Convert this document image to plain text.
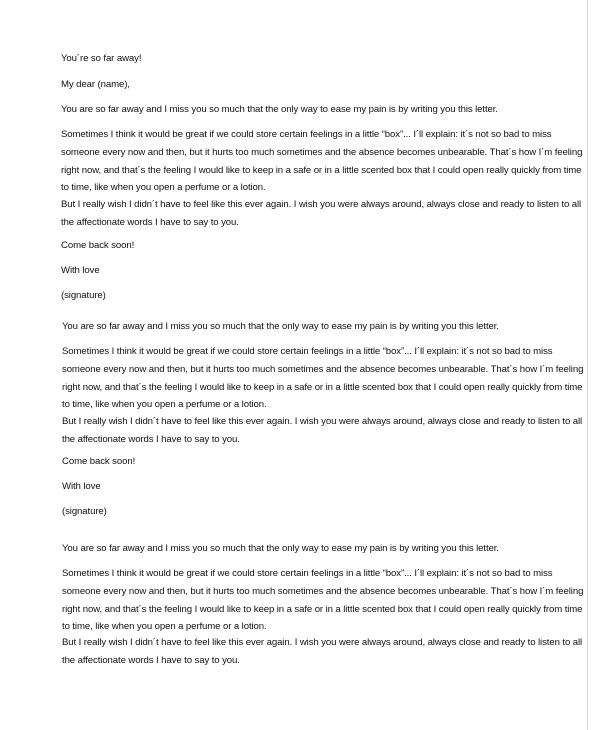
You´re so far away!

My dear (name),

You are so far away and I miss you so much that the only way to ease my pain is by writing you this letter.

Sometimes I think it would be great if we could store certain feelings in a little “box”... I´ll explain: it´s not so bad to miss someone every now and then, but it hurts too much sometimes and the absence becomes unbearable. That´s how I´m feeling right now, and that´s the feeling I would like to keep in a safe or in a little scented box that I could open really quickly from time to time, like when you open a perfume or a lotion.

But I really wish I didn´t have to feel like this ever again. I wish you were always around, always close and ready to listen to all the affectionate words I have to say to you.

Come back soon!

With love

(signature)

You are so far away and I miss you so much that the only way to ease my pain is by writing you this letter.

Sometimes I think it would be great if we could store certain feelings in a little “box”... I´ll explain: it´s not so bad to miss someone every now and then, but it hurts too much sometimes and the absence becomes unbearable. That´s how I´m feeling right now, and that´s the feeling I would like to keep in a safe or in a little scented box that I could open really quickly from time to time, like when you open a perfume or a lotion.

But I really wish I didn´t have to feel like this ever again. I wish you were always around, always close and ready to listen to all the affectionate words I have to say to you.

Come back soon!

With love

(signature)

You are so far away and I miss you so much that the only way to ease my pain is by writing you this letter.

Sometimes I think it would be great if we could store certain feelings in a little “box”... I´ll explain: it´s not so bad to miss someone every now and then, but it hurts too much sometimes and the absence becomes unbearable. That´s how I´m feeling right now, and that´s the feeling I would like to keep in a safe or in a little scented box that I could open really quickly from time to time, like when you open a perfume or a lotion.

But I really wish I didn´t have to feel like this ever again. I wish you were always around, always close and ready to listen to all the affectionate words I have to say to you.
